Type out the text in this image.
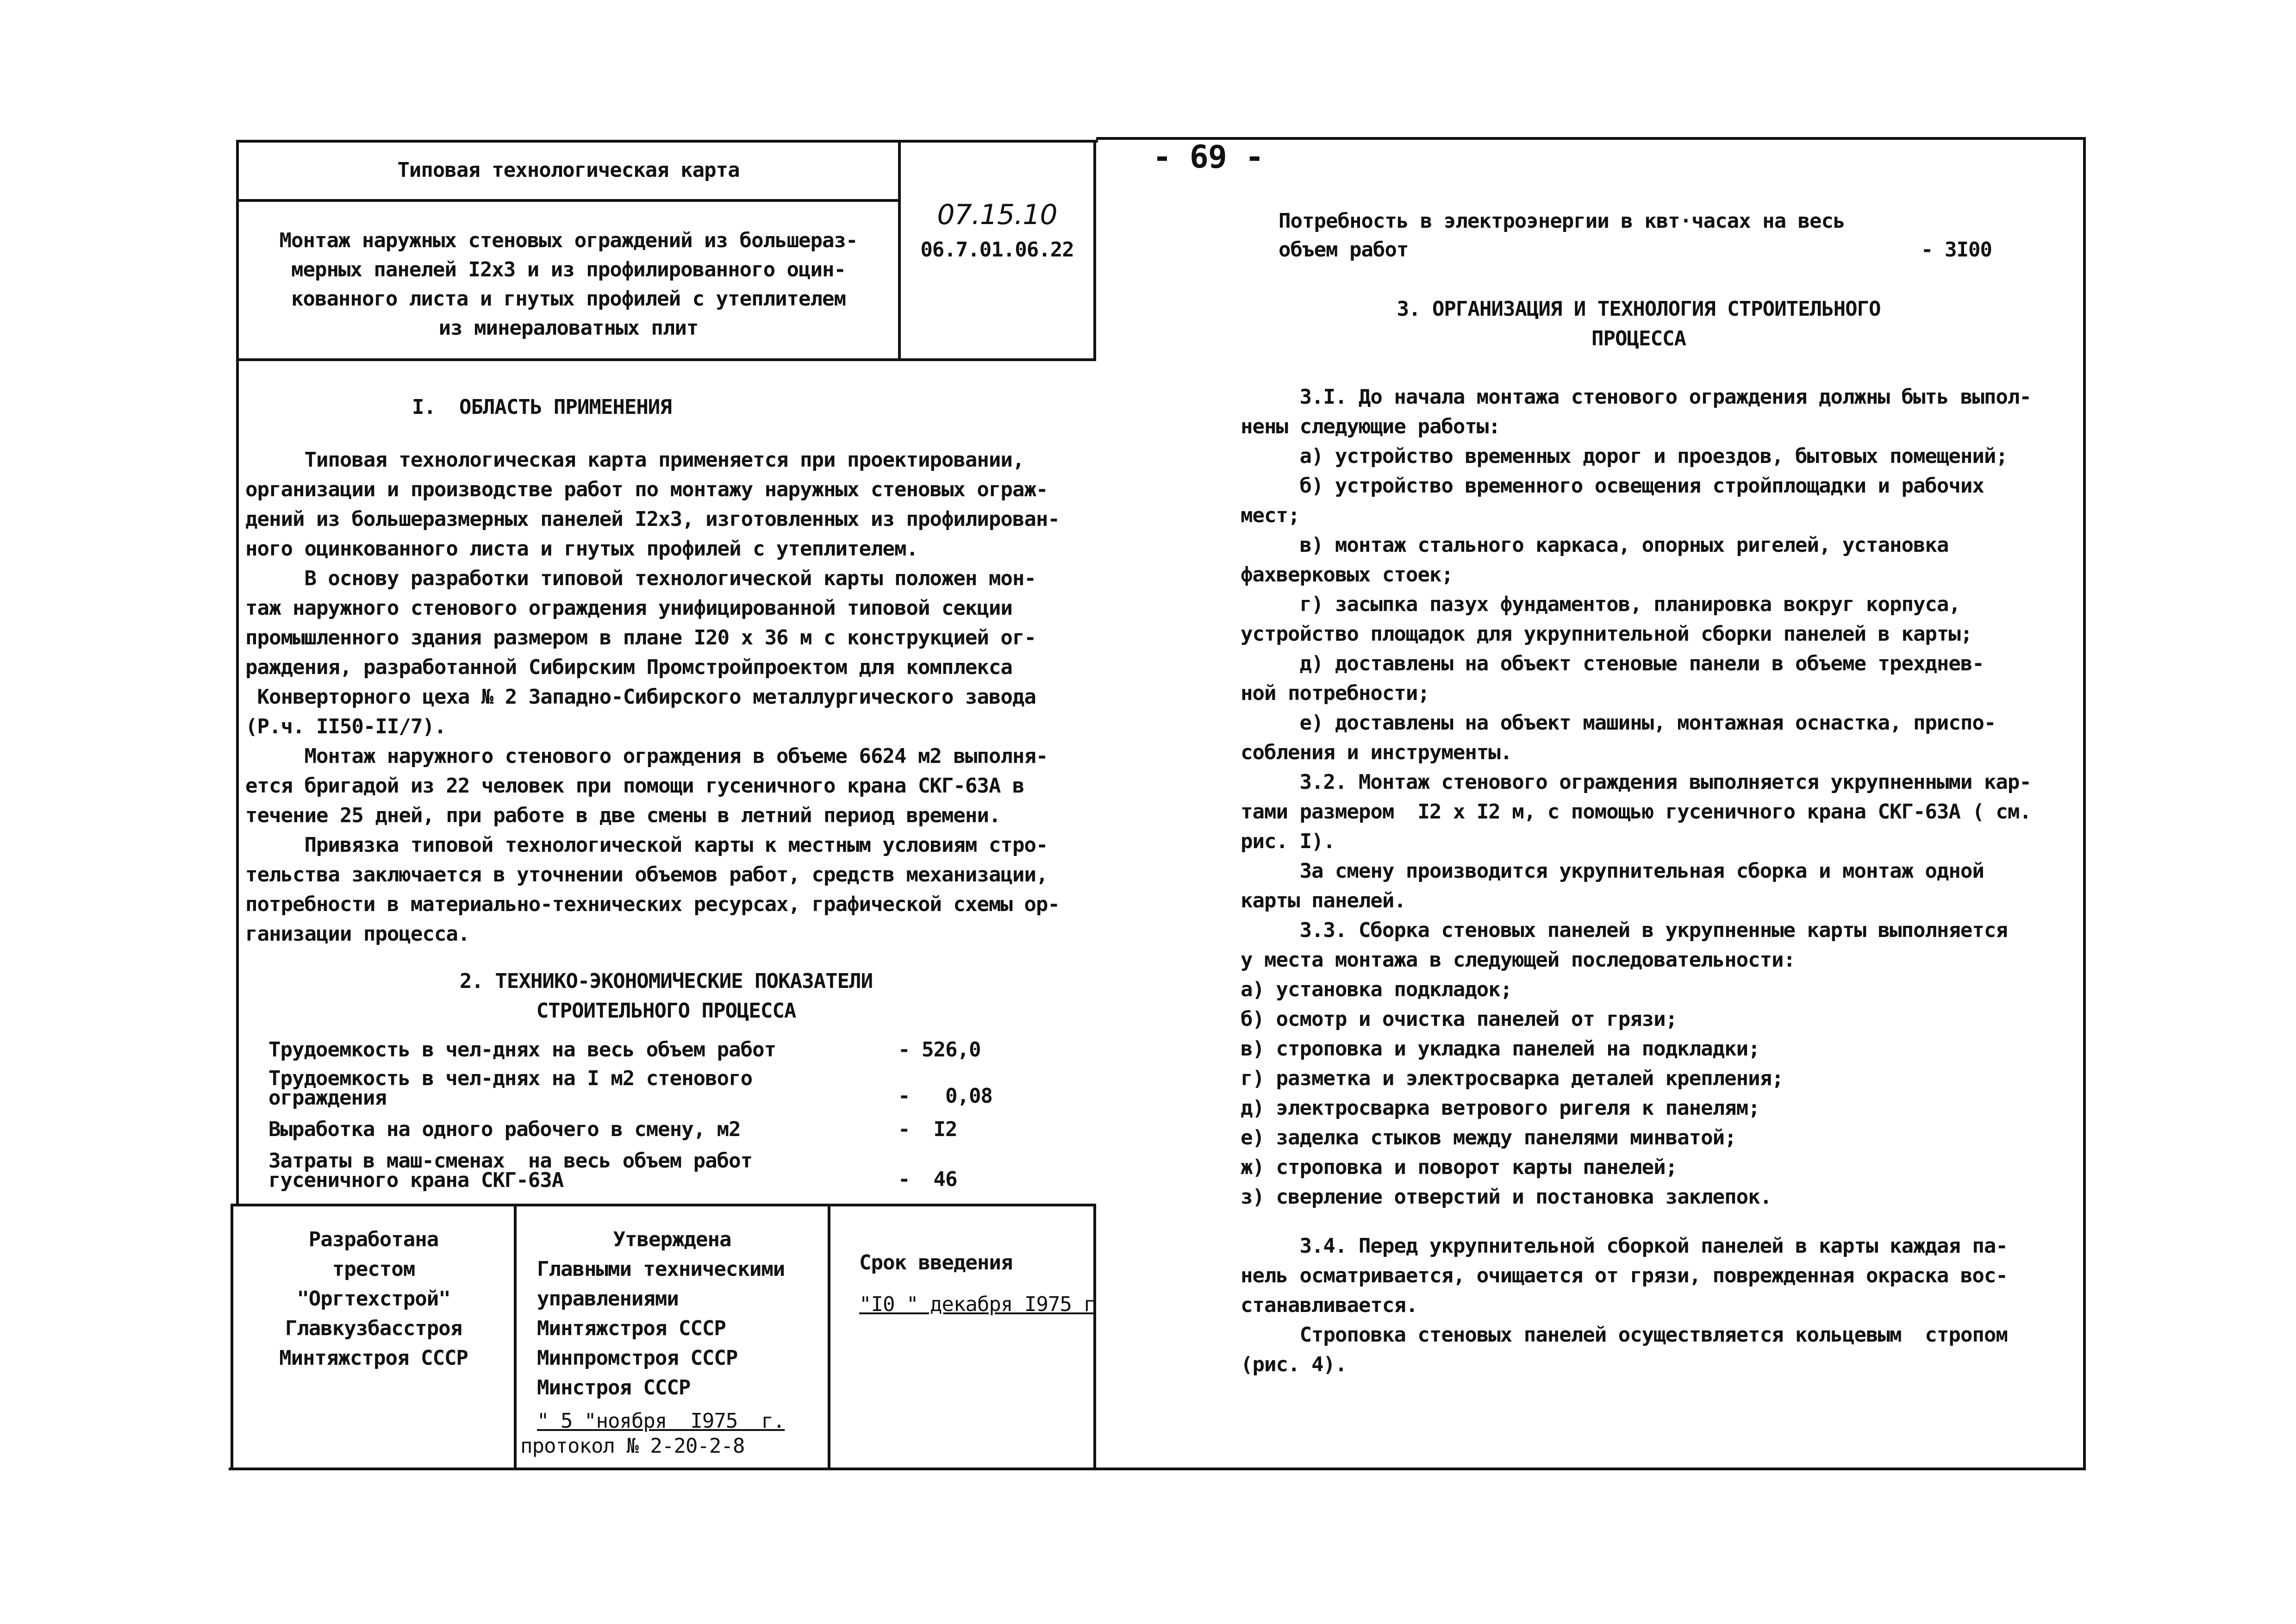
- 69 -
Типовая технологическая карта
Монтаж наружных стеновых ограждений из большераз-
мерных панелей I2x3 и из профилированного оцин-
кованного листа и гнутых профилей с утеплителем
из минераловатных плит
07.15.10
06.7.01.06.22
I.  ОБЛАСТЬ ПРИМЕНЕНИЯ
Типовая технологическая карта применяется при проектировании,
организации и производстве работ по монтажу наружных стеновых ограж-
дений из большеразмерных панелей I2x3, изготовленных из профилирован-
ного оцинкованного листа и гнутых профилей с утеплителем.
В основу разработки типовой технологической карты положен мон-
таж наружного стенового ограждения унифицированной типовой секции
промышленного здания размером в плане I20 x 36 м с конструкцией ог-
раждения, разработанной Сибирским Промстройпроектом для комплекса
Конверторного цеха № 2 Западно-Сибирского металлургического завода
(Р.ч. II50-II/7).
Монтаж наружного стенового ограждения в объеме 6624 м2 выполня-
ется бригадой из 22 человек при помощи гусеничного крана СКГ-63А в
течение 25 дней, при работе в две смены в летний период времени.
Привязка типовой технологической карты к местным условиям стро-
тельства заключается в уточнении объемов работ, средств механизации,
потребности в материально-технических ресурсах, графической схемы ор-
ганизации процесса.
2. ТЕХНИКО-ЭКОНОМИЧЕСКИЕ ПОКАЗАТЕЛИ
СТРОИТЕЛЬНОГО ПРОЦЕССА
Трудоемкость в чел-днях на весь объем работ	- 526,0
Трудоемкость в чел-днях на I м2 стенового
ограждения	-   0,08
Выработка на одного рабочего в смену, м2	-  I2
Затраты в маш-сменах  на весь объем работ
гусеничного крана СКГ-63А	-  46
Разработана
трестом
"Оргтехстрой"
Главкузбасстроя
Минтяжстроя СССР
Утверждена
Главными техническими
управлениями
Минтяжстроя СССР
Минпромстроя СССР
Минстроя СССР
" 5 "ноября  I975  г.
протокол № 2-20-2-8
Срок введения
"I0 " декабря I975 г
Потребность в электроэнергии в квт·часах на весь
объем работ	- 3I00
3. ОРГАНИЗАЦИЯ И ТЕХНОЛОГИЯ СТРОИТЕЛЬНОГО
ПРОЦЕССА
3.I. До начала монтажа стенового ограждения должны быть выпол-
нены следующие работы:
а) устройство временных дорог и проездов, бытовых помещений;
б) устройство временного освещения стройплощадки и рабочих
мест;
в) монтаж стального каркаса, опорных ригелей, установка
фахверковых стоек;
г) засыпка пазух фундаментов, планировка вокруг корпуса,
устройство площадок для укрупнительной сборки панелей в карты;
д) доставлены на объект стеновые панели в объеме трехднев-
ной потребности;
е) доставлены на объект машины, монтажная оснастка, приспо-
собления и инструменты.
3.2. Монтаж стенового ограждения выполняется укрупненными кар-
тами размером  I2 x I2 м, с помощью гусеничного крана СКГ-63А ( см.
рис. I).
За смену производится укрупнительная сборка и монтаж одной
карты панелей.
3.3. Сборка стеновых панелей в укрупненные карты выполняется
у места монтажа в следующей последовательности:
а) установка подкладок;
б) осмотр и очистка панелей от грязи;
в) строповка и укладка панелей на подкладки;
г) разметка и электросварка деталей крепления;
д) электросварка ветрового ригеля к панелям;
е) заделка стыков между панелями минватой;
ж) строповка и поворот карты панелей;
з) сверление отверстий и постановка заклепок.
3.4. Перед укрупнительной сборкой панелей в карты каждая па-
нель осматривается, очищается от грязи, поврежденная окраска вос-
станавливается.
Строповка стеновых панелей осуществляется кольцевым  стропом
(рис. 4).
